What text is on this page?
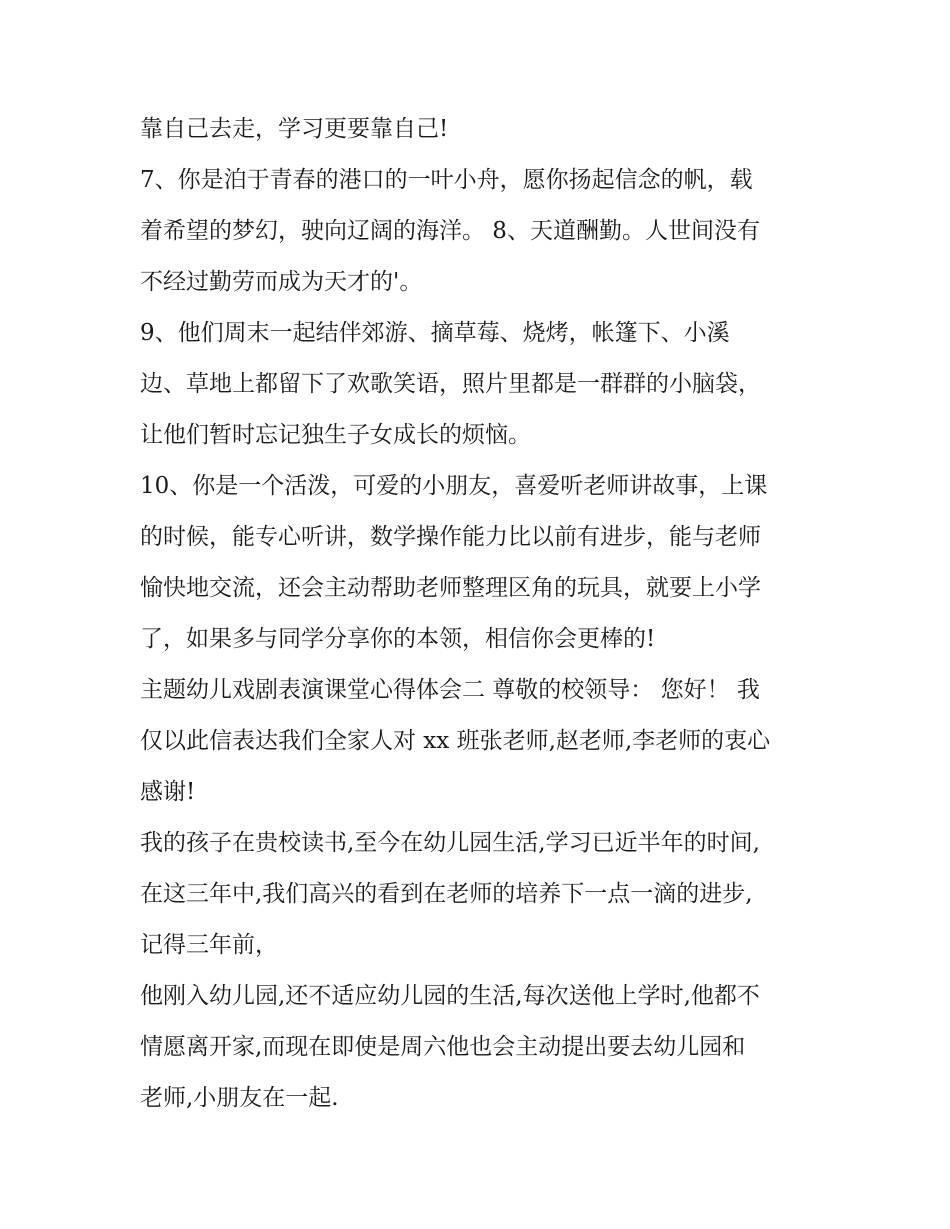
靠自己去走，学习更要靠自己!
7、你是泊于青春的港口的一叶小舟，愿你扬起信念的帆，载
着希望的梦幻，驶向辽阔的海洋。 8、天道酬勤。人世间没有
不经过勤劳而成为天才的'。
9、他们周末一起结伴郊游、摘草莓、烧烤，帐篷下、小溪
边、草地上都留下了欢歌笑语，照片里都是一群群的小脑袋，
让他们暂时忘记独生子女成长的烦恼。
10、你是一个活泼，可爱的小朋友，喜爱听老师讲故事，上课
的时候，能专心听讲，数学操作能力比以前有进步，能与老师
愉快地交流，还会主动帮助老师整理区角的玩具，就要上小学
了，如果多与同学分享你的本领，相信你会更棒的!
主题幼儿戏剧表演课堂心得体会二 尊敬的校领导： 您好！ 我
仅以此信表达我们全家人对 xx 班张老师,赵老师,李老师的衷心
感谢!
我的孩子在贵校读书,至今在幼儿园生活,学习已近半年的时间,
在这三年中,我们高兴的看到在老师的培养下一点一滴的进步,
记得三年前，
他刚入幼儿园,还不适应幼儿园的生活,每次送他上学时,他都不
情愿离开家,而现在即使是周六他也会主动提出要去幼儿园和
老师,小朋友在一起.
